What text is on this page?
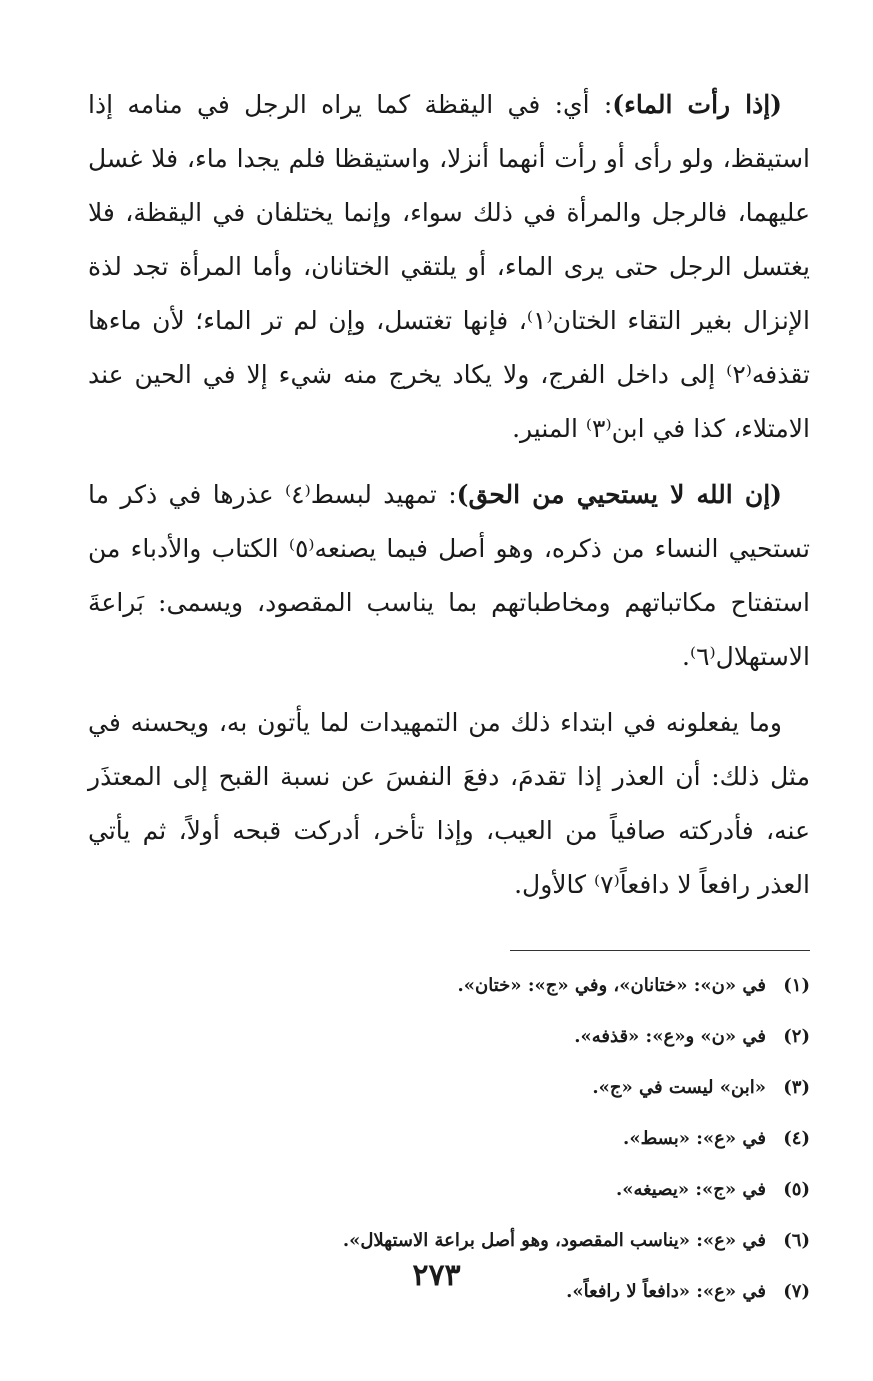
(إذا رأت الماء): أي: في اليقظة كما يراه الرجل في منامه إذا استيقظ، ولو رأى أو رأت أنهما أنزلا، واستيقظا فلم يجدا ماء، فلا غسل عليهما، فالرجل والمرأة في ذلك سواء، وإنما يختلفان في اليقظة، فلا يغتسل الرجل حتى يرى الماء، أو يلتقي الختانان، وأما المرأة تجد لذة الإنزال بغير التقاء الختان⁽١⁾، فإنها تغتسل، وإن لم تر الماء؛ لأن ماءها تقذفه⁽٢⁾ إلى داخل الفرج، ولا يكاد يخرج منه شيء إلا في الحين عند الامتلاء، كذا في ابن⁽٣⁾ المنير.

(إن الله لا يستحيي من الحق): تمهيد لبسط⁽٤⁾ عذرها في ذكر ما تستحيي النساء من ذكره، وهو أصل فيما يصنعه⁽٥⁾ الكتاب والأدباء من استفتاح مكاتباتهم ومخاطباتهم بما يناسب المقصود، ويسمى: بَراعةَ الاستهلال⁽٦⁾.

وما يفعلونه في ابتداء ذلك من التمهيدات لما يأتون به، ويحسنه في مثل ذلك: أن العذر إذا تقدمَ، دفعَ النفسَ عن نسبة القبح إلى المعتذَر عنه، فأدركته صافياً من العيب، وإذا تأخر، أدركت قبحه أولاً، ثم يأتي العذر رافعاً لا دافعاً⁽٧⁾ كالأول.

(١)
في «ن»: «ختانان»، وفي «ج»: «ختان».
(٢)
في «ن» و«ع»: «قذفه».
(٣)
«ابن» ليست في «ج».
(٤)
في «ع»: «بسط».
(٥)
في «ج»: «يصيغه».
(٦)
في «ع»: «يناسب المقصود، وهو أصل براعة الاستهلال».
(٧)
في «ع»: «دافعاً لا رافعاً».
٢٧٣
